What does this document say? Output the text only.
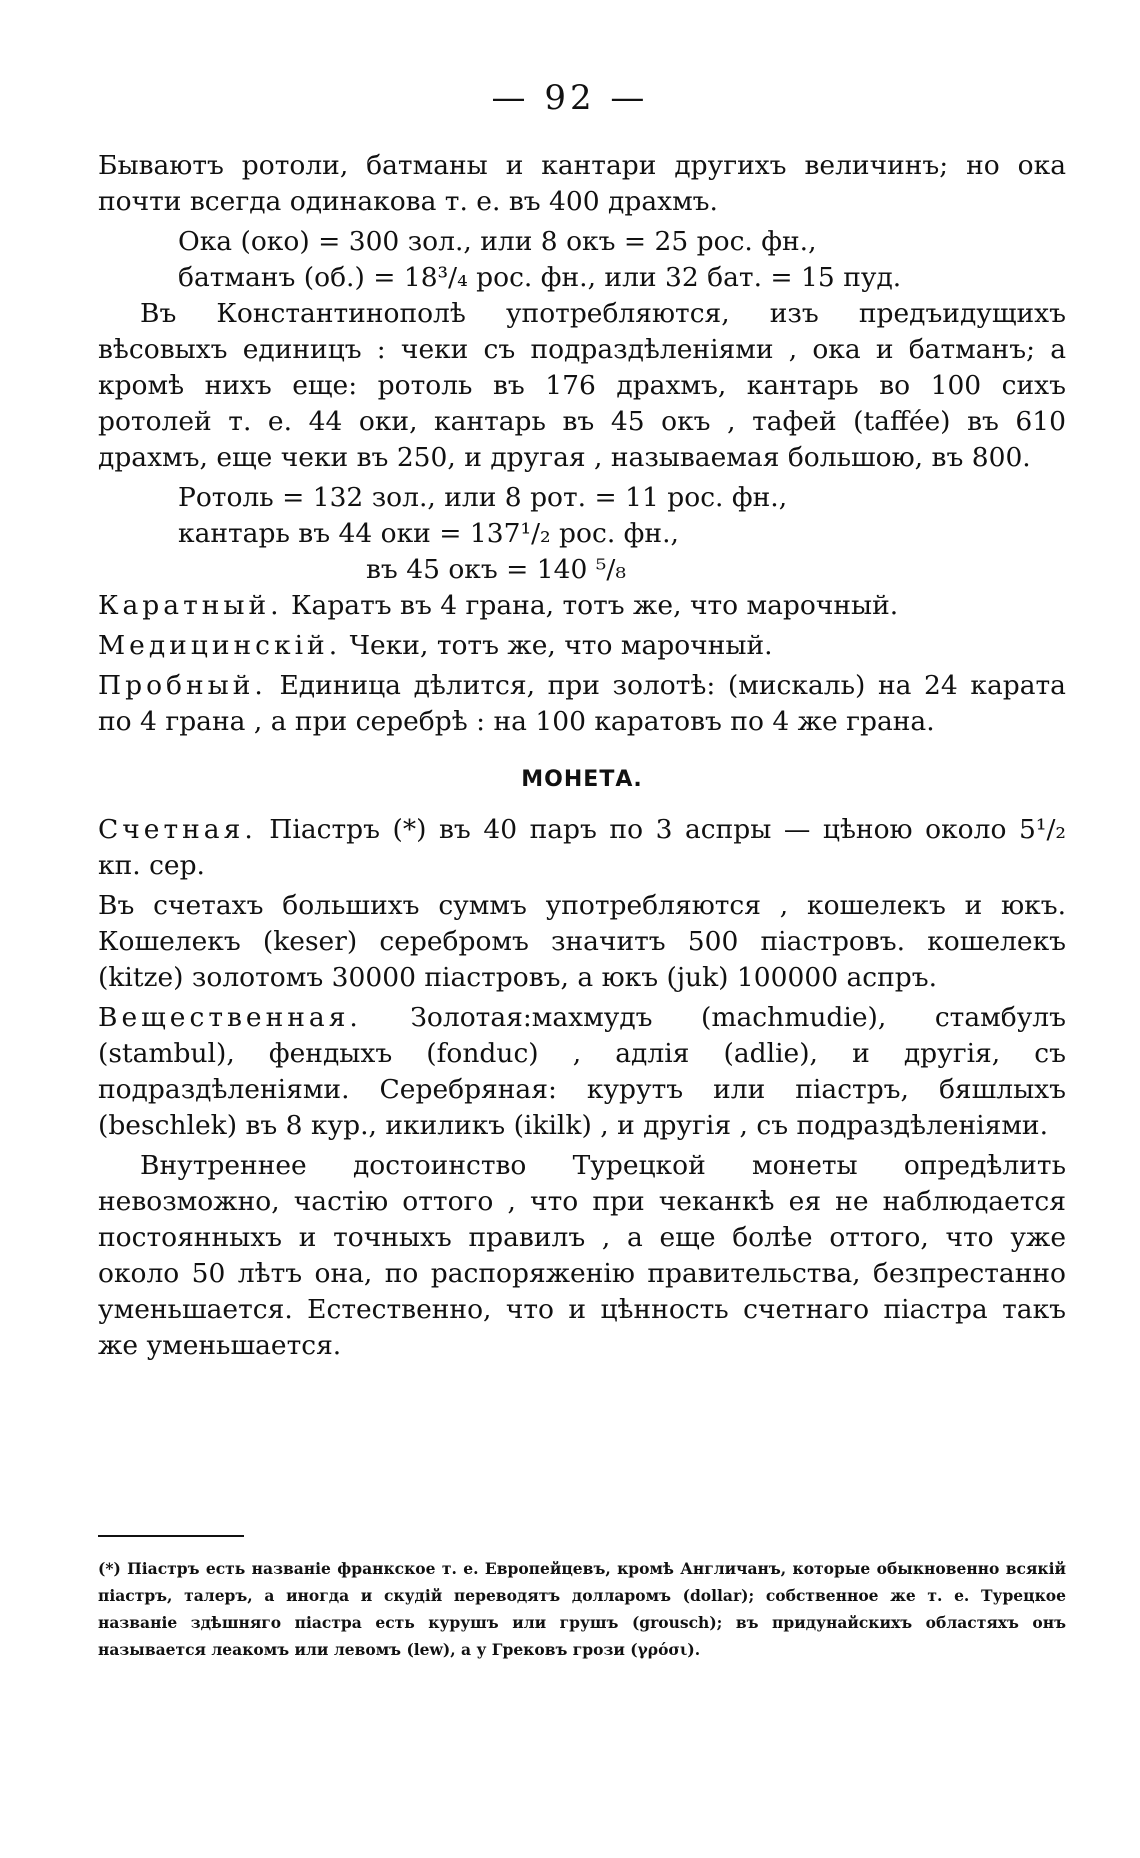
— 92 —

Бываютъ ротоли, батманы и кантари другихъ величинъ; но ока почти всегда одинакова т. е. въ 400 драхмъ.

Ока (око) = 300 зол., или 8 окъ = 25 рос. фн.,

батманъ (об.) = 18³/₄ рос. фн., или 32 бат. = 15 пуд.

Въ Константинополѣ употребляются, изъ предъидущихъ вѣсовыхъ единицъ : чеки съ подраздѣленiями , ока и батманъ; а кромѣ нихъ еще: ротоль въ 176 драхмъ, кантарь во 100 сихъ ротолей т. е. 44 оки, кантарь въ 45 окъ , тафей (taffée) въ 610 драхмъ, еще чеки въ 250, и другая , называемая большою, въ 800.

Ротоль = 132 зол., или 8 рот. = 11 рос. фн.,

кантарь въ 44 оки = 137¹/₂ рос. фн.,

въ 45 окъ = 140 ⁵/₈

Каратный. Каратъ въ 4 грана, тотъ же, что марочный.

Медицинскiй. Чеки, тотъ же, что марочный.

Пробный. Единица дѣлится, при золотѣ: (мискаль) на 24 карата по 4 грана , а при серебрѣ : на 100 каратовъ по 4 же грана.

МОНЕТА.

Счетная. Пiастръ (*) въ 40 паръ по 3 аспры — цѣною около 5¹/₂ кп. сер.

Въ счетахъ большихъ суммъ употребляются , кошелекъ и юкъ. Кошелекъ (keser) серебромъ значитъ 500 пiастровъ. кошелекъ (kitze) золотомъ 30000 пiастровъ, а юкъ (juk) 100000 аспръ.

Вещественная. Золотая:махмудъ (machmudie), стамбулъ (stambul), фендыхъ (fonduc) , адлiя (adlie), и другiя, съ подраздѣленiями. Серебряная: курутъ или пiастръ, бяшлыхъ (beschlek) въ 8 кур., икиликъ (ikilk) , и другiя , съ подраздѣленiями.

Внутреннее достоинство Турецкой монеты опредѣлить невозможно, частiю оттого , что при чеканкѣ ея не наблюдается постоянныхъ и точныхъ правилъ , а еще болѣе оттого, что уже около 50 лѣтъ она, по распоряженiю правительства, безпрестанно уменьшается. Естественно, что и цѣнность счетнаго пiастра такъ же уменьшается.

(*) Пiастръ есть названiе франкское т. е. Европейцевъ, кромѣ Англичанъ, которые обыкновенно всякiй пiастръ, талеръ, а иногда и скудiй переводятъ долларомъ (dollar); собственное же т. е. Турецкое названiе здѣшняго пiастра есть курушъ или грушъ (grousch); въ придунайскихъ областяхъ онъ называется леакомъ или левомъ (lew), а у Грековъ грози (γρόσι).
